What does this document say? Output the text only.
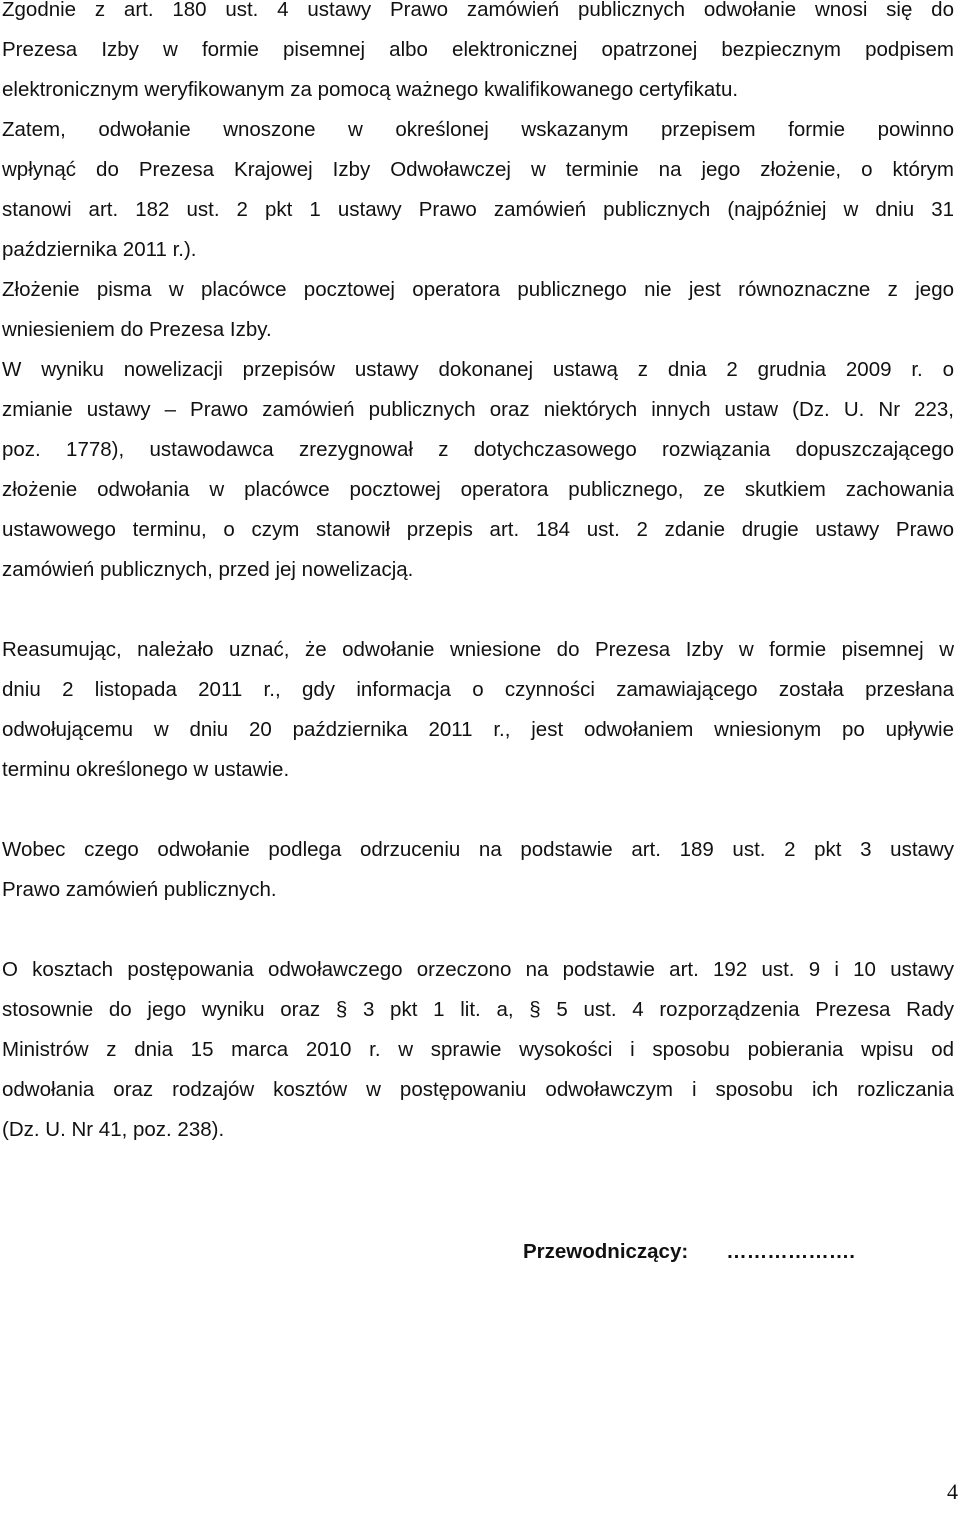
Zgodnie z art. 180 ust. 4 ustawy Prawo zamówień publicznych odwołanie wnosi się do
Prezesa Izby w formie pisemnej albo elektronicznej opatrzonej bezpiecznym podpisem
elektronicznym weryfikowanym za pomocą ważnego kwalifikowanego certyfikatu.
Zatem, odwołanie wnoszone w określonej wskazanym przepisem formie powinno
wpłynąć do Prezesa Krajowej Izby Odwoławczej w terminie na jego złożenie, o którym
stanowi art. 182 ust. 2 pkt 1 ustawy Prawo zamówień publicznych (najpóźniej w dniu 31
października 2011 r.).
Złożenie pisma w placówce pocztowej operatora publicznego nie jest równoznaczne z jego
wniesieniem do Prezesa Izby.
W wyniku nowelizacji przepisów ustawy dokonanej ustawą z dnia 2 grudnia 2009 r. o
zmianie ustawy – Prawo zamówień publicznych oraz niektórych innych ustaw (Dz. U. Nr 223,
poz. 1778), ustawodawca zrezygnował z dotychczasowego rozwiązania dopuszczającego
złożenie odwołania w placówce pocztowej operatora publicznego, ze skutkiem zachowania
ustawowego terminu, o czym stanowił przepis art. 184 ust. 2 zdanie drugie ustawy Prawo
zamówień publicznych, przed jej nowelizacją.
Reasumując, należało uznać, że odwołanie wniesione do Prezesa Izby w formie pisemnej w
dniu 2 listopada 2011 r., gdy informacja o czynności zamawiającego została przesłana
odwołującemu w dniu 20 października 2011 r., jest odwołaniem wniesionym po upływie
terminu określonego w ustawie.
Wobec czego odwołanie podlega odrzuceniu na podstawie art. 189 ust. 2 pkt 3 ustawy
Prawo zamówień publicznych.
O kosztach postępowania odwoławczego orzeczono na podstawie art. 192 ust. 9 i 10 ustawy
stosownie do jego wyniku oraz § 3 pkt 1 lit. a, § 5 ust. 4 rozporządzenia Prezesa Rady
Ministrów z dnia 15 marca 2010 r. w sprawie wysokości i sposobu pobierania wpisu od
odwołania oraz rodzajów kosztów w postępowaniu odwoławczym i sposobu ich rozliczania
(Dz. U. Nr 41, poz. 238).
Przewodniczący: ……………….
4
